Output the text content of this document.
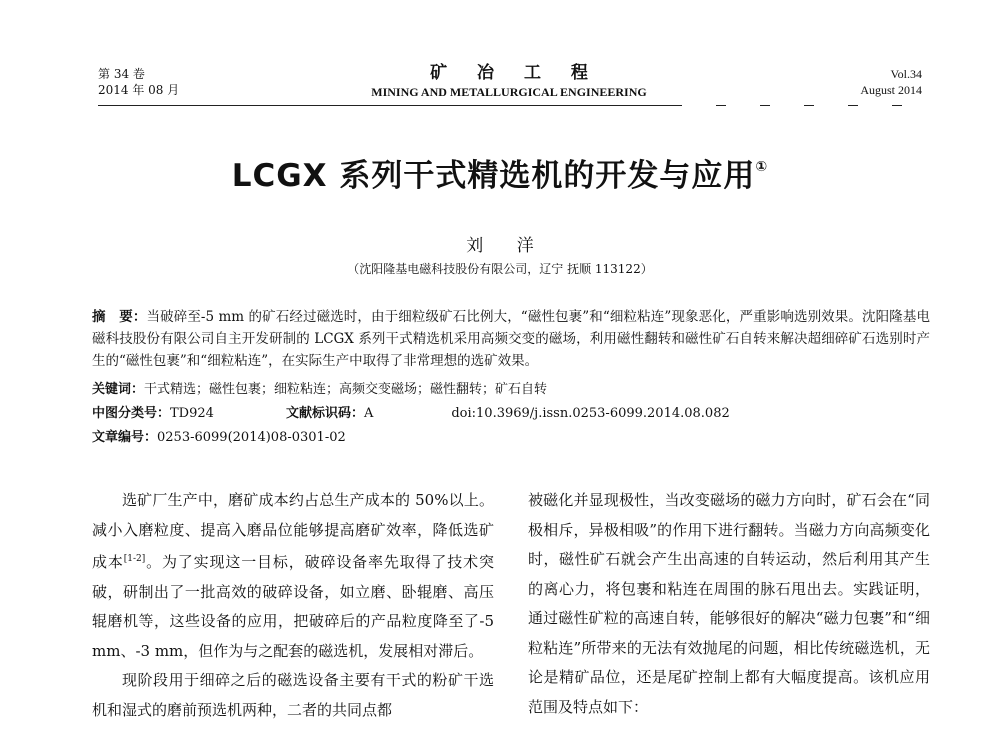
第 34 卷
2014 年 08 月
矿 冶 工 程
MINING AND METALLURGICAL ENGINEERING
Vol.34
August 2014
LCGX 系列干式精选机的开发与应用①
刘 洋
（沈阳隆基电磁科技股份有限公司，辽宁 抚顺 113122）
摘　要：当破碎至-5 mm 的矿石经过磁选时，由于细粒级矿石比例大，“磁性包裹”和“细粒粘连”现象恶化，严重影响选别效果。沈阳隆基电磁科技股份有限公司自主开发研制的 LCGX 系列干式精选机采用高频交变的磁场，利用磁性翻转和磁性矿石自转来解决超细碎矿石选别时产生的“磁性包裹”和“细粒粘连”，在实际生产中取得了非常理想的选矿效果。
关键词：干式精选；磁性包裹；细粒粘连；高频交变磁场；磁性翻转；矿石自转
中图分类号：TD924	文献标识码：A	doi:10.3969/j.issn.0253-6099.2014.08.082
文章编号：0253-6099(2014)08-0301-02

选矿厂生产中，磨矿成本约占总生产成本的 50%以上。减小入磨粒度、提高入磨品位能够提高磨矿效率，降低选矿成本[1-2]。为了实现这一目标，破碎设备率先取得了技术突破，研制出了一批高效的破碎设备，如立磨、卧辊磨、高压辊磨机等，这些设备的应用，把破碎后的产品粒度降至了-5 mm、-3 mm，但作为与之配套的磁选机，发展相对滞后。

现阶段用于细碎之后的磁选设备主要有干式的粉矿干选机和湿式的磨前预选机两种，二者的共同点都

被磁化并显现极性，当改变磁场的磁力方向时，矿石会在“同极相斥，异极相吸”的作用下进行翻转。当磁力方向高频变化时，磁性矿石就会产生出高速的自转运动，然后利用其产生的离心力，将包裹和粘连在周围的脉石甩出去。实践证明，通过磁性矿粒的高速自转，能够很好的解决“磁力包裹”和“细粒粘连”所带来的无法有效抛尾的问题，相比传统磁选机，无论是精矿品位，还是尾矿控制上都有大幅度提高。该机应用范围及特点如下：
